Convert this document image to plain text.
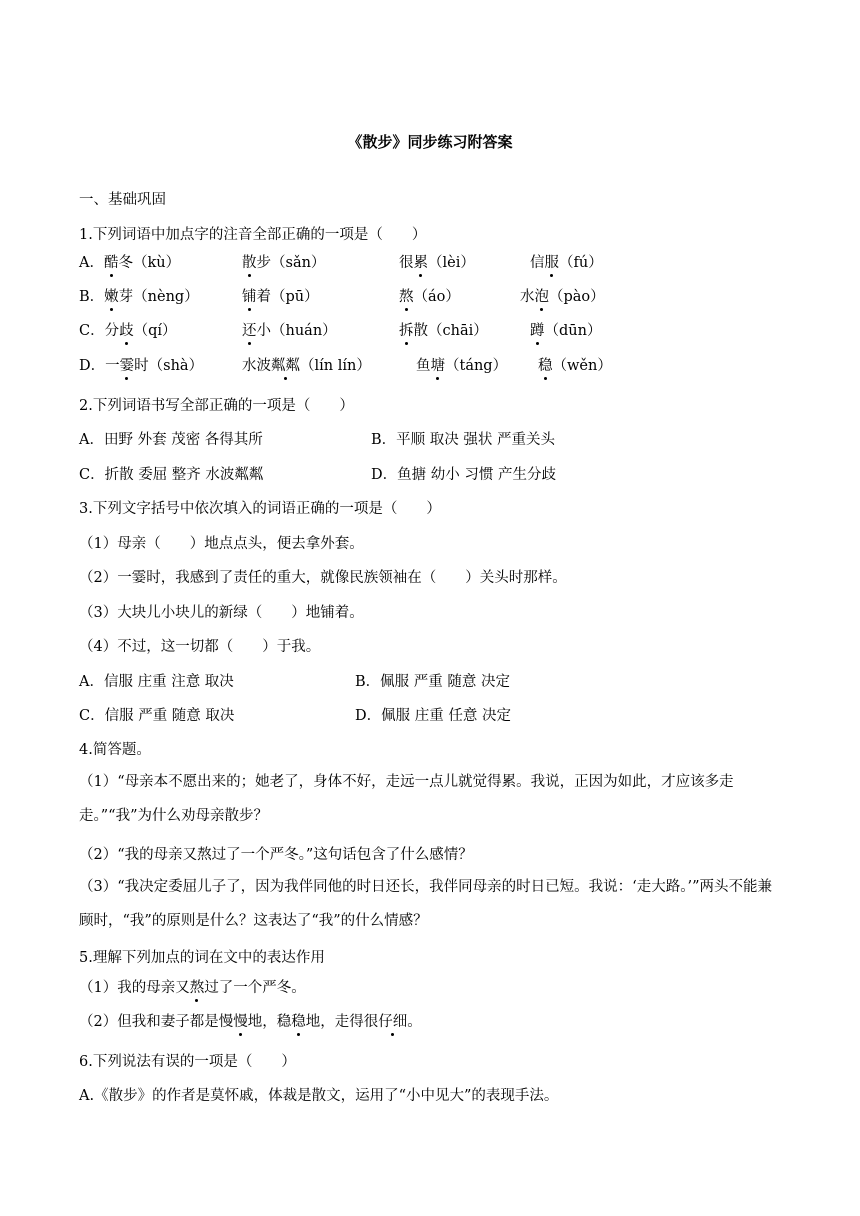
《散步》同步练习附答案
一、基础巩固
1.下列词语中加点字的注音全部正确的一项是（　　）
A．酷冬（kù）	散步（sǎn）	很累（lèi）	信服（fú）
B．嫩芽（nèng）	铺着（pū）	熬（áo）	水泡（pào）
C．分歧（qí）	还小（huán）	拆散（chāi）	蹲（dūn）
D．一霎时（shà）	水波粼粼（lín lín）	鱼塘（táng） 稳（wěn）
2.下列词语书写全部正确的一项是（　　）
A．田野 外套 茂密 各得其所	B．平顺 取决 强状 严重关头
C．折散 委屈 整齐 水波粼粼	D．鱼搪 幼小 习惯 产生分歧
3.下列文字括号中依次填入的词语正确的一项是（　　）
（1）母亲（　　）地点点头，便去拿外套。
（2）一霎时，我感到了责任的重大，就像民族领袖在（　　）关头时那样。
（3）大块儿小块儿的新绿（　　）地铺着。
（4）不过，这一切都（　　）于我。
A．信服 庄重 注意 取决	B．佩服 严重 随意 决定
C．信服 严重 随意 取决	D．佩服 庄重 任意 决定
4.简答题。
（1）“母亲本不愿出来的；她老了，身体不好，走远一点儿就觉得累。我说，正因为如此，才应该多走走。”“我”为什么劝母亲散步？
（2）“我的母亲又熬过了一个严冬。”这句话包含了什么感情？
（3）“我决定委屈儿子了，因为我伴同他的时日还长，我伴同母亲的时日已短。我说：‘走大路。’”两头不能兼顾时，“我”的原则是什么？这表达了“我”的什么情感？
5.理解下列加点的词在文中的表达作用
（1）我的母亲又熬过了一个严冬。
（2）但我和妻子都是慢慢地，稳稳地，走得很仔细。
6.下列说法有误的一项是（　　）
A.《散步》的作者是莫怀戚，体裁是散文，运用了“小中见大”的表现手法。
